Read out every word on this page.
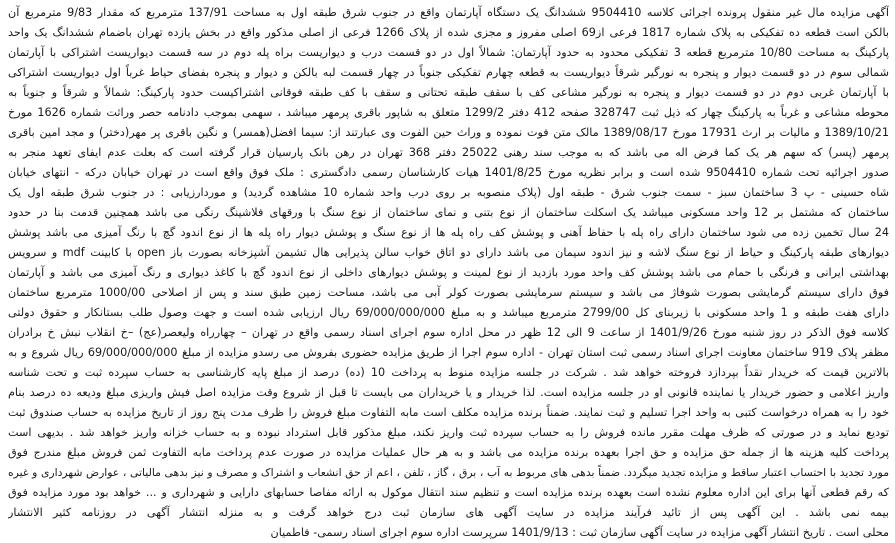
آگهی مزایده مال غیر منقول پرونده اجرائی کلاسه 9504410 ششدانگ یک دستگاه آپارتمان واقع در جنوب شرق طبقه اول به مساحت 137/91 مترمربع که مقدار 9/83 مترمربع آن
بالکن است قطعه ده تفکیکی به پلاک شماره 1817 فرعی از69 اصلی مفروز و مجزی شده از پلاک 1266 فرعی از اصلی مذکور واقع در بخش یازده تهران باضمام ششدانگ یک واحد
پارکینگ به مساحت 10/80 مترمربع قطعه 3 تفکیکی محدود به حدود آپارتمان: شمالاً اول در دو قسمت درب و دیواریست براه پله دوم در سه قسمت دیواریست اشتراکی با آپارتمان
شمالی سوم در دو قسمت دیوار و پنجره به نورگیر شرقاً دیواریست به قطعه چهارم تفکیکی جنوباً در چهار قسمت لبه بالکن و دیوار و پنجره بفضای حیاط غرباً اول دیواریست اشتراکی
با آپارتمان غربی دوم در دو قسمت دیوار و پنجره به نورگیر مشاعی کف با سقف طبقه تحتانی و سقف با کف طبقه فوقانی اشتراکیست حدود پارکینگ: شمالاً و شرقاً و جنوباً به
محوطه مشاعی و غرباً به پارکینگ چهار که ذیل ثبت 328747 صفحه 412 دفتر 1299/2 متعلق به شاپور باقری پرمهر میباشد ، سهمی بموجب دادنامه حصر وراثت شماره 1626 مورخ
1389/10/21 و مالیات بر ارث 17931 مورخ 1389/08/17 مالک متن فوت نموده و وراث حین الفوت وی عبارتند از: سیما افضل(همسر) و نگین باقری پر مهر(دختر) و مجد امین باقری
پرمهر (پسر) که سهم هر یک کما فرض اله می باشد که به موجب سند رهنی 25022 دفتر 368 تهران در رهن بانک پارسیان قرار گرفته است که بعلت عدم ایفای تعهد منجر به
صدور اجرائیه تحت شماره 9504410 شده است و برابر نظریه مورخ 1401/8/25 هیات کارشناسان رسمی دادگستری : ملک فوق واقع است در تهران خیابان درکه - انتهای خیابان
شاه حسینی - پ 3 ساختمان سبز - سمت جنوب شرق - طبقه اول (پلاک منصوبه بر روی درب واحد شماره 10 مشاهده گردید) و موردارزیابی : در جنوب شرق طبقه اول یک
ساختمان که مشتمل بر 12 واحد مسکونی میباشد یک اسکلت ساختمان از نوع بتنی و نمای ساختمان از نوع سنگ با ورقهای فلاشینگ رنگی می باشد همچنین قدمت بنا در حدود
24 سال تخمین زده می شود ساختمان دارای راه پله با حفاظ آهنی و پوشش کف راه پله ها از نوع سنگ و پوشش دیوار راه پله ها از نوع اندود گچ با رنگ آمیزی می باشد پوشش
دیوارهای طبقه پارکینگ و حیاط از نوع سنگ لاشه و نیز اندود سیمان می باشد دارای دو اتاق خواب سالن پذیرایی هال تشیمن آشپزخانه بصورت باز open با کابینت mdf و سرویس
بهداشتی ایرانی و فرنگی با حمام می باشد پوشش کف واحد مورد بازدید از نوع لمینت و پوشش دیوارهای داخلی از نوع اندود گچ با کاغذ دیواری و رنگ آمیزی می باشد و آپارتمان
فوق دارای سیستم گرمایشی بصورت شوفاژ می باشد و سیستم سرمایشی بصورت کولر آبی می باشد، مساحت زمین طبق سند و پس از اصلاحی 1000/00 مترمربع ساختمان
دارای هفت طبقه و 1 واحد مسکونی با زیربنای کل 2799/00 مترمربع میباشد و به مبلغ 69/000/000/000 ریال ارزیابی شده است و جهت وصول طلب بستانکار و حقوق دولتی
کلاسه فوق الذکر در روز شنبه مورخ 1401/9/26 از ساعت 9 الی 12 ظهر در محل اداره سوم اجرای اسناد رسمی واقع در تهران – چهارراه ولیعصر(عج) –خ انقلاب نبش خ برادران
مظفر پلاک 919 ساختمان معاونت اجرای اسناد رسمی ثبت استان تهران - اداره سوم اجرا از طریق مزایده حضوری بفروش می رسدو مزایده از مبلغ 69/000/000/000 ریال شروع و به
بالاترین قیمت که خریدار نقداً بپردازد فروخته خواهد شد . شرکت در جلسه مزایده منوط به پرداخت 10 (ده) درصد از مبلغ پایه کارشناسی به حساب سپرده ثبت و تحت شناسه
واریز اعلامی و حضور خریدار یا نماینده قانونی او در جلسه مزایده است. لذا خریدار و یا خریداران می بایست تا قبل از شروع وقت مزایده اصل فیش واریزی مبلغ ودیعه ده درصد بنام
خود را به همراه درخواست کتبی به واحد اجرا تسلیم و ثبت نمایند. ضمناً برنده مزایده مکلف است مابه التفاوت مبلغ فروش را ظرف مدت پنج روز از تاریخ مزایده به حساب صندوق ثبت
تودیع نماید و در صورتی که ظرف مهلت مقرر مانده فروش را به حساب سپرده ثبت واریز نکند، مبلغ مذکور قابل استرداد نبوده و به حساب خزانه واریز خواهد شد . بدیهی است
پرداخت کلیه هزینه ها از جمله حق مزایده و حق اجرا بعهده برنده مزایده می باشد و به هر حال عملیات مزایده در صورت عدم پرداخت مابه التفاوت ثمن فروش مبلغ مندرج فوق
مورد تجدید با احتساب اعتبار ساقط و مزایده تجدید میگردد. ضمناً بدهی های مربوط به آب ، برق ، گاز ، تلفن ، اعم از حق انشعاب و اشتراک و مصرف و نیز بدهی مالیاتی ، عوارض شهرداری و غیره
که رقم قطعی آنها برای این اداره معلوم نشده است بعهده برنده مزایده است و تنظیم سند انتقال موکول به ارائه مفاصا حسابهای دارایی و شهرداری و ... خواهد بود مورد مزایده فوق
بیمه نمی باشد . این آگهی پس از تائید فرآیند مزایده در سایت آگهی های سازمان ثبت درج خواهد گرفت و به منزله انتشار آگهی در روزنامه کثیر الانتشار
محلی است . تاریخ انتشار آگهی مزایده در سایت آگهی سازمان ثبت : 1401/9/13 سرپرست اداره سوم اجرای اسناد رسمی- فاطمیان
